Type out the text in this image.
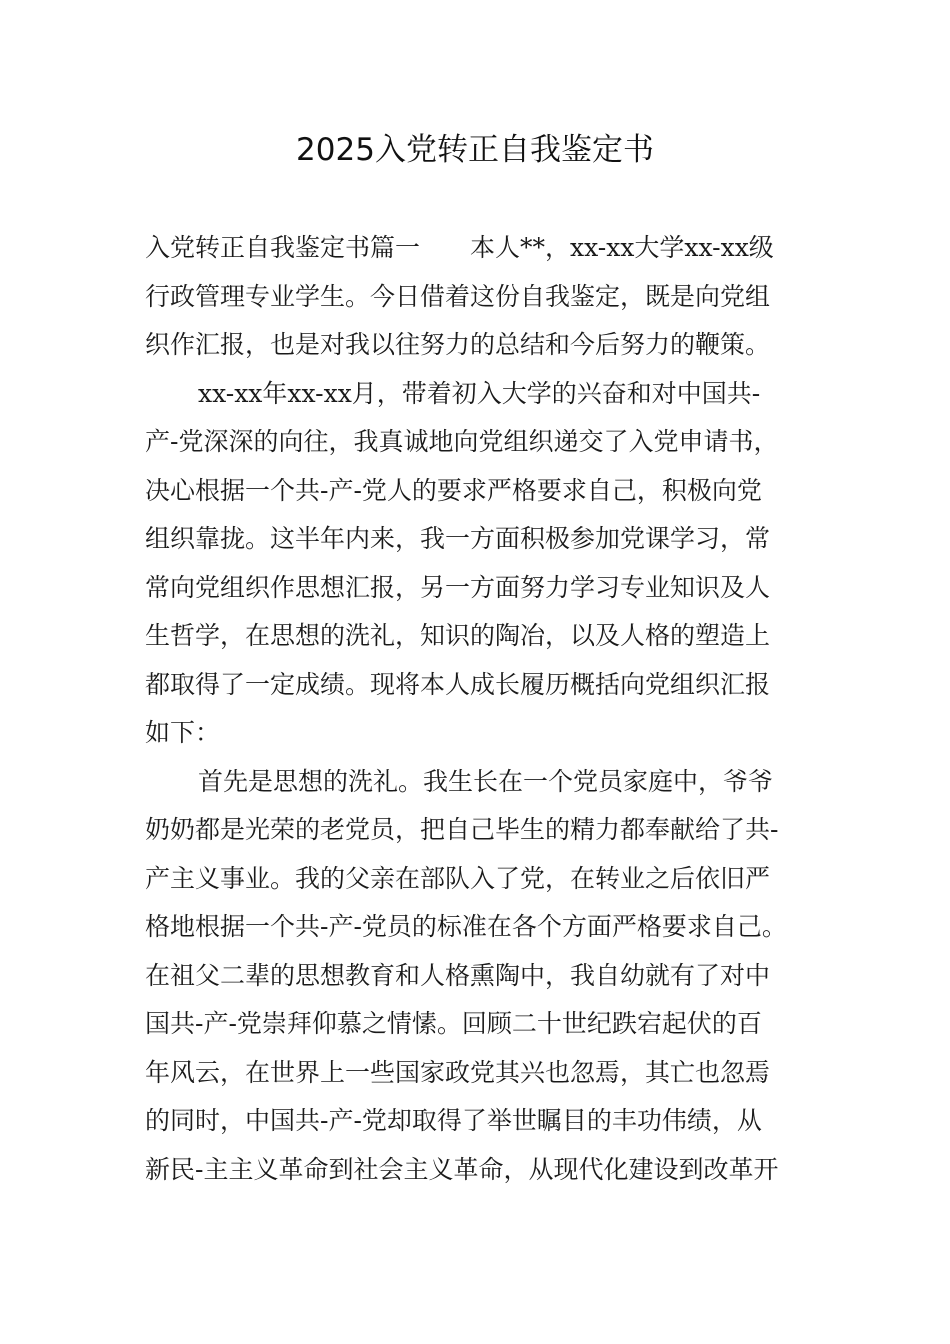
2025入党转正自我鉴定书
入党转正自我鉴定书篇一　　本人**，xx-xx大学xx-xx级
行政管理专业学生。今日借着这份自我鉴定，既是向党组
织作汇报，也是对我以往努力的总结和今后努力的鞭策。
xx-xx年xx-xx月，带着初入大学的兴奋和对中国共-
产-党深深的向往，我真诚地向党组织递交了入党申请书，
决心根据一个共-产-党人的要求严格要求自己，积极向党
组织靠拢。这半年内来，我一方面积极参加党课学习，常
常向党组织作思想汇报，另一方面努力学习专业知识及人
生哲学，在思想的洗礼，知识的陶冶，以及人格的塑造上
都取得了一定成绩。现将本人成长履历概括向党组织汇报
如下：
首先是思想的洗礼。我生长在一个党员家庭中，爷爷
奶奶都是光荣的老党员，把自己毕生的精力都奉献给了共-
产主义事业。我的父亲在部队入了党，在转业之后依旧严
格地根据一个共-产-党员的标准在各个方面严格要求自己。
在祖父二辈的思想教育和人格熏陶中，我自幼就有了对中
国共-产-党崇拜仰慕之情愫。回顾二十世纪跌宕起伏的百
年风云，在世界上一些国家政党其兴也忽焉，其亡也忽焉
的同时，中国共-产-党却取得了举世瞩目的丰功伟绩，从
新民-主主义革命到社会主义革命，从现代化建设到改革开
